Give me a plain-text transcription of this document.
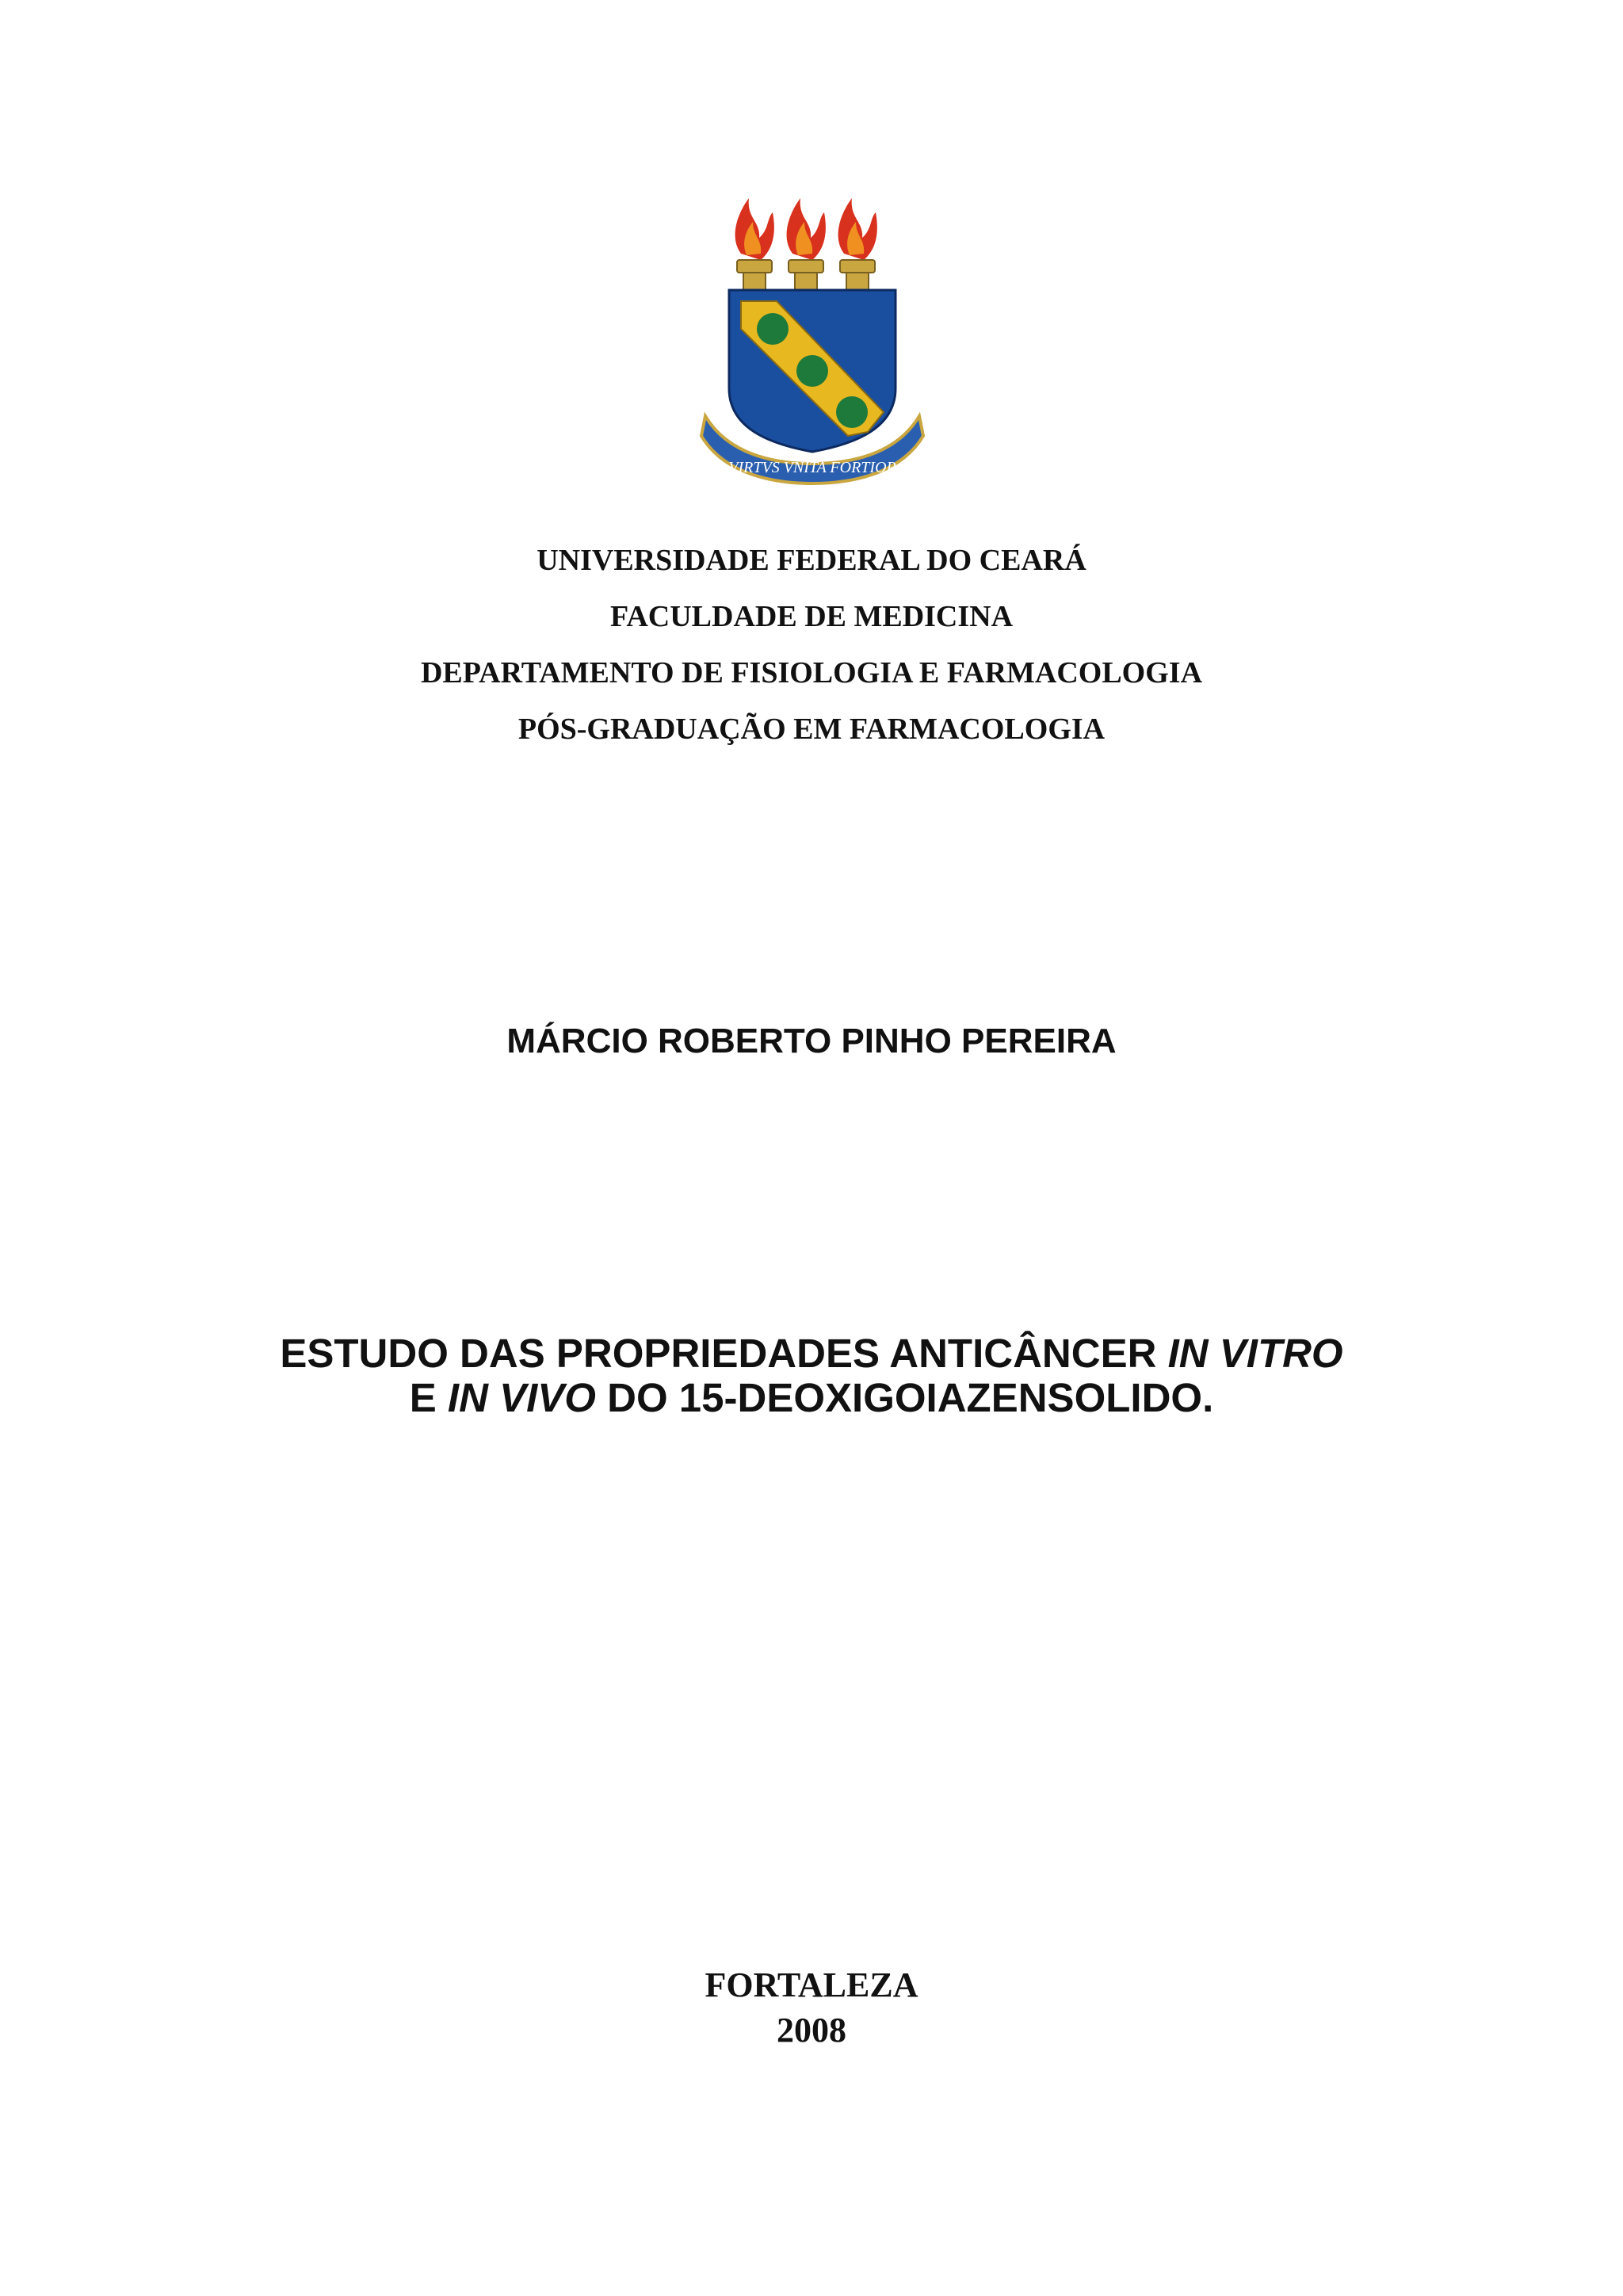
VIRTVS VNITA FORTIOR
UNIVERSIDADE FEDERAL DO CEARÁ
FACULDADE DE MEDICINA
DEPARTAMENTO DE FISIOLOGIA E FARMACOLOGIA
PÓS-GRADUAÇÃO EM FARMACOLOGIA
MÁRCIO ROBERTO PINHO PEREIRA
ESTUDO DAS PROPRIEDADES ANTICÂNCER IN VITRO
E IN VIVO DO 15-DEOXIGOIAZENSOLIDO.
FORTALEZA
2008
